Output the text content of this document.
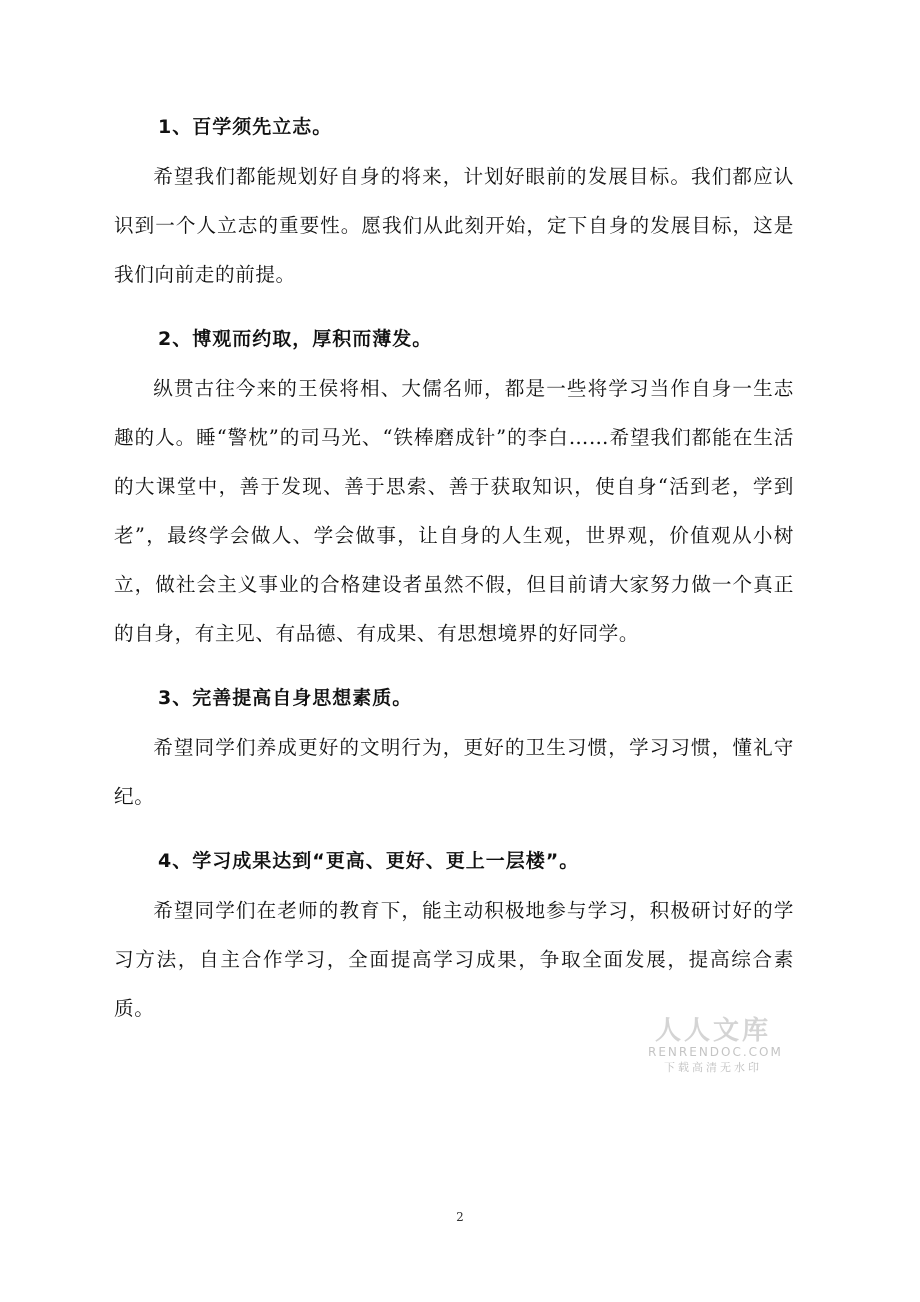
1、百学须先立志。

希望我们都能规划好自身的将来，计划好眼前的发展目标。我们都应认识到一个人立志的重要性。愿我们从此刻开始，定下自身的发展目标，这是我们向前走的前提。

2、博观而约取，厚积而薄发。

纵贯古往今来的王侯将相、大儒名师，都是一些将学习当作自身一生志趣的人。睡“警枕”的司马光、“铁棒磨成针”的李白……希望我们都能在生活的大课堂中，善于发现、善于思索、善于获取知识，使自身“活到老，学到老”，最终学会做人、学会做事，让自身的人生观，世界观，价值观从小树立，做社会主义事业的合格建设者虽然不假，但目前请大家努力做一个真正的自身，有主见、有品德、有成果、有思想境界的好同学。

3、完善提高自身思想素质。

希望同学们养成更好的文明行为，更好的卫生习惯，学习习惯，懂礼守纪。

4、学习成果达到“更高、更好、更上一层楼”。

希望同学们在老师的教育下，能主动积极地参与学习，积极研讨好的学习方法，自主合作学习，全面提高学习成果，争取全面发展，提高综合素质。

人人文库
RENRENDOC.COM
下载高清无水印
2
